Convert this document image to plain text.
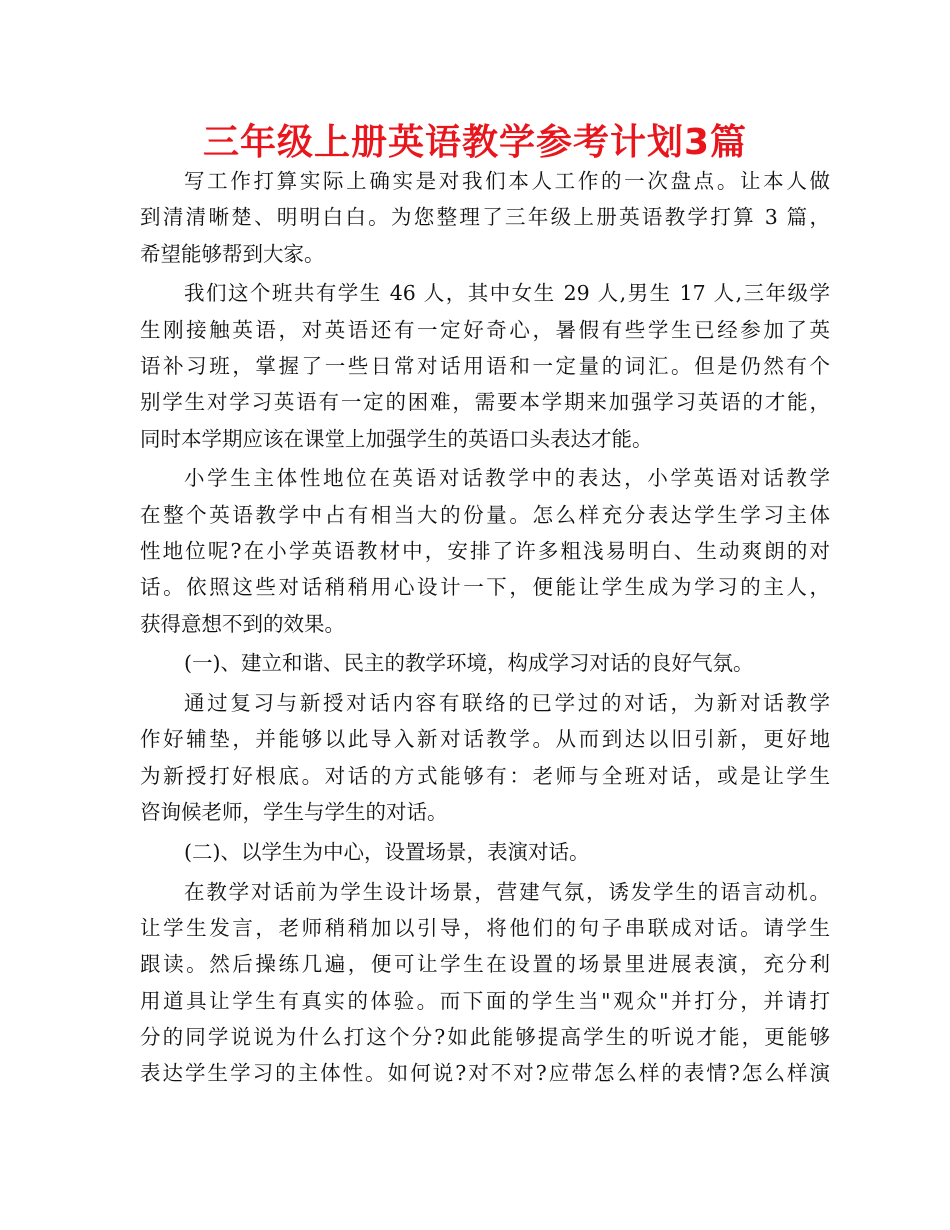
三年级上册英语教学参考计划3篇
写工作打算实际上确实是对我们本人工作的一次盘点。让本人做
到清清晰楚、明明白白。为您整理了三年级上册英语教学打算 3 篇，
希望能够帮到大家。
我们这个班共有学生 46 人，其中女生 29 人,男生 17 人,三年级学
生刚接触英语，对英语还有一定好奇心，暑假有些学生已经参加了英
语补习班，掌握了一些日常对话用语和一定量的词汇。但是仍然有个
别学生对学习英语有一定的困难，需要本学期来加强学习英语的才能，
同时本学期应该在课堂上加强学生的英语口头表达才能。
小学生主体性地位在英语对话教学中的表达，小学英语对话教学
在整个英语教学中占有相当大的份量。怎么样充分表达学生学习主体
性地位呢?在小学英语教材中，安排了许多粗浅易明白、生动爽朗的对
话。依照这些对话稍稍用心设计一下，便能让学生成为学习的主人，
获得意想不到的效果。
(一)、建立和谐、民主的教学环境，构成学习对话的良好气氛。
通过复习与新授对话内容有联络的已学过的对话，为新对话教学
作好辅垫，并能够以此导入新对话教学。从而到达以旧引新，更好地
为新授打好根底。对话的方式能够有：老师与全班对话，或是让学生
咨询候老师，学生与学生的对话。
(二)、以学生为中心，设置场景，表演对话。
在教学对话前为学生设计场景，营建气氛，诱发学生的语言动机。
让学生发言，老师稍稍加以引导，将他们的句子串联成对话。请学生
跟读。然后操练几遍，便可让学生在设置的场景里进展表演，充分利
用道具让学生有真实的体验。而下面的学生当"观众"并打分，并请打
分的同学说说为什么打这个分?如此能够提高学生的听说才能，更能够
表达学生学习的主体性。如何说?对不对?应带怎么样的表情?怎么样演
